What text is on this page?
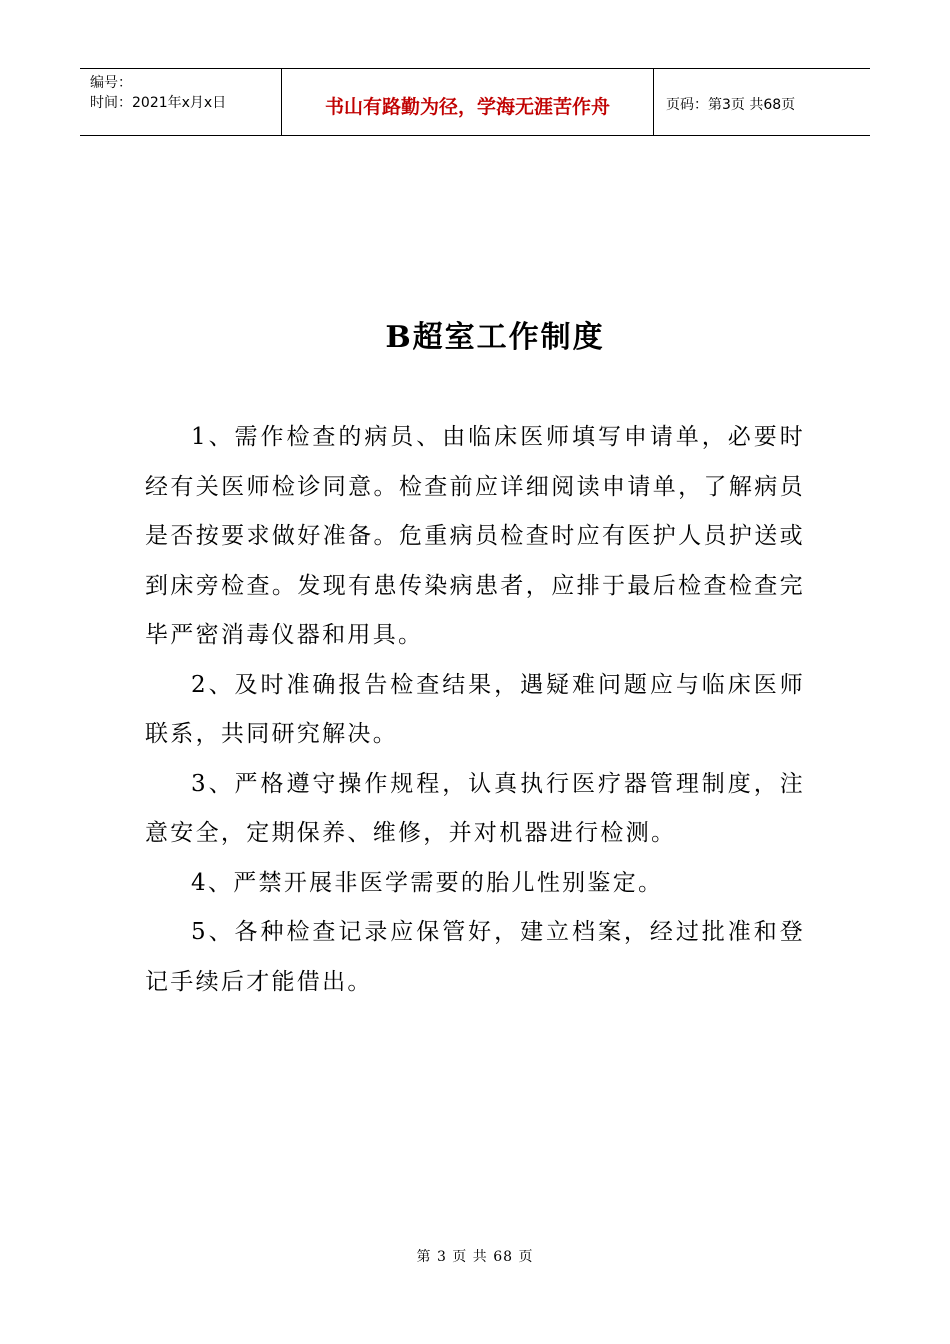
编号：
时间：2021年x月x日	书山有路勤为径，学海无涯苦作舟	页码：第3页 共68页
B超室工作制度

1、需作检查的病员、由临床医师填写申请单，必要时经有关医师检诊同意。检查前应详细阅读申请单，了解病员是否按要求做好准备。危重病员检查时应有医护人员护送或到床旁检查。发现有患传染病患者，应排于最后检查检查完毕严密消毒仪器和用具。

2、及时准确报告检查结果，遇疑难问题应与临床医师联系，共同研究解决。

3、严格遵守操作规程，认真执行医疗器管理制度，注意安全，定期保养、维修，并对机器进行检测。

4、严禁开展非医学需要的胎儿性别鉴定。

5、各种检查记录应保管好，建立档案，经过批准和登记手续后才能借出。

第 3 页 共 68 页
